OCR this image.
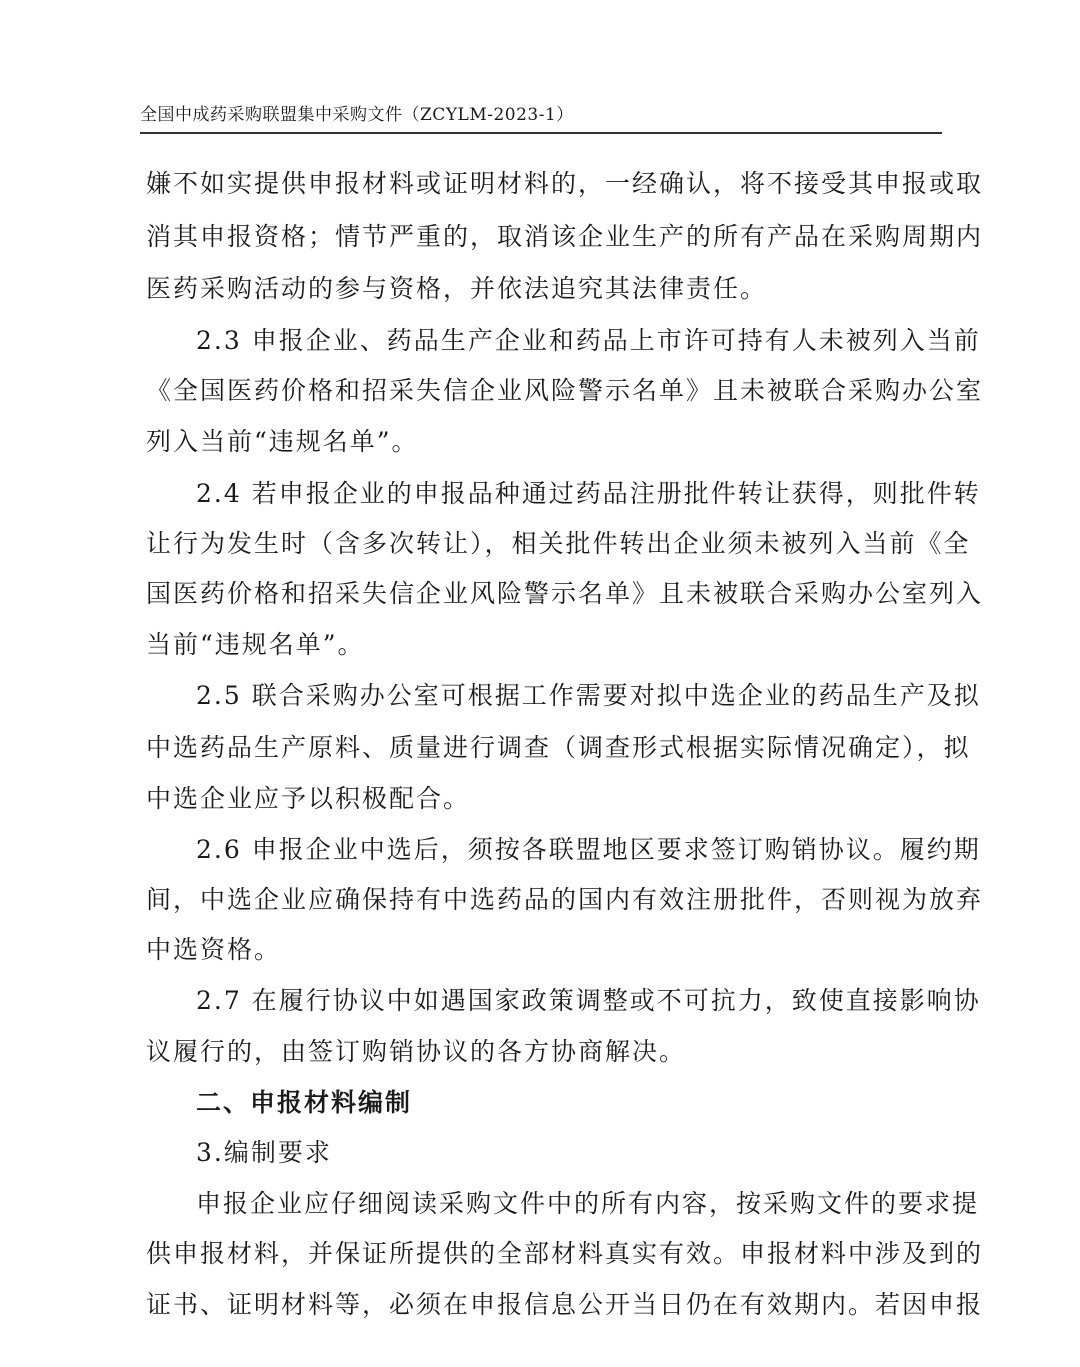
全国中成药采购联盟集中采购文件（ZCYLM-2023-1）
嫌不如实提供申报材料或证明材料的，一经确认，将不接受其申报或取
消其申报资格；情节严重的，取消该企业生产的所有产品在采购周期内
医药采购活动的参与资格，并依法追究其法律责任。
2.3 申报企业、药品生产企业和药品上市许可持有人未被列入当前
《全国医药价格和招采失信企业风险警示名单》且未被联合采购办公室
列入当前“违规名单”。
2.4 若申报企业的申报品种通过药品注册批件转让获得，则批件转
让行为发生时（含多次转让），相关批件转出企业须未被列入当前《全
国医药价格和招采失信企业风险警示名单》且未被联合采购办公室列入
当前“违规名单”。
2.5 联合采购办公室可根据工作需要对拟中选企业的药品生产及拟
中选药品生产原料、质量进行调查（调查形式根据实际情况确定），拟
中选企业应予以积极配合。
2.6 申报企业中选后，须按各联盟地区要求签订购销协议。履约期
间，中选企业应确保持有中选药品的国内有效注册批件，否则视为放弃
中选资格。
2.7 在履行协议中如遇国家政策调整或不可抗力，致使直接影响协
议履行的，由签订购销协议的各方协商解决。
二、申报材料编制
3.编制要求
申报企业应仔细阅读采购文件中的所有内容，按采购文件的要求提
供申报材料，并保证所提供的全部材料真实有效。申报材料中涉及到的
证书、证明材料等，必须在申报信息公开当日仍在有效期内。若因申报
